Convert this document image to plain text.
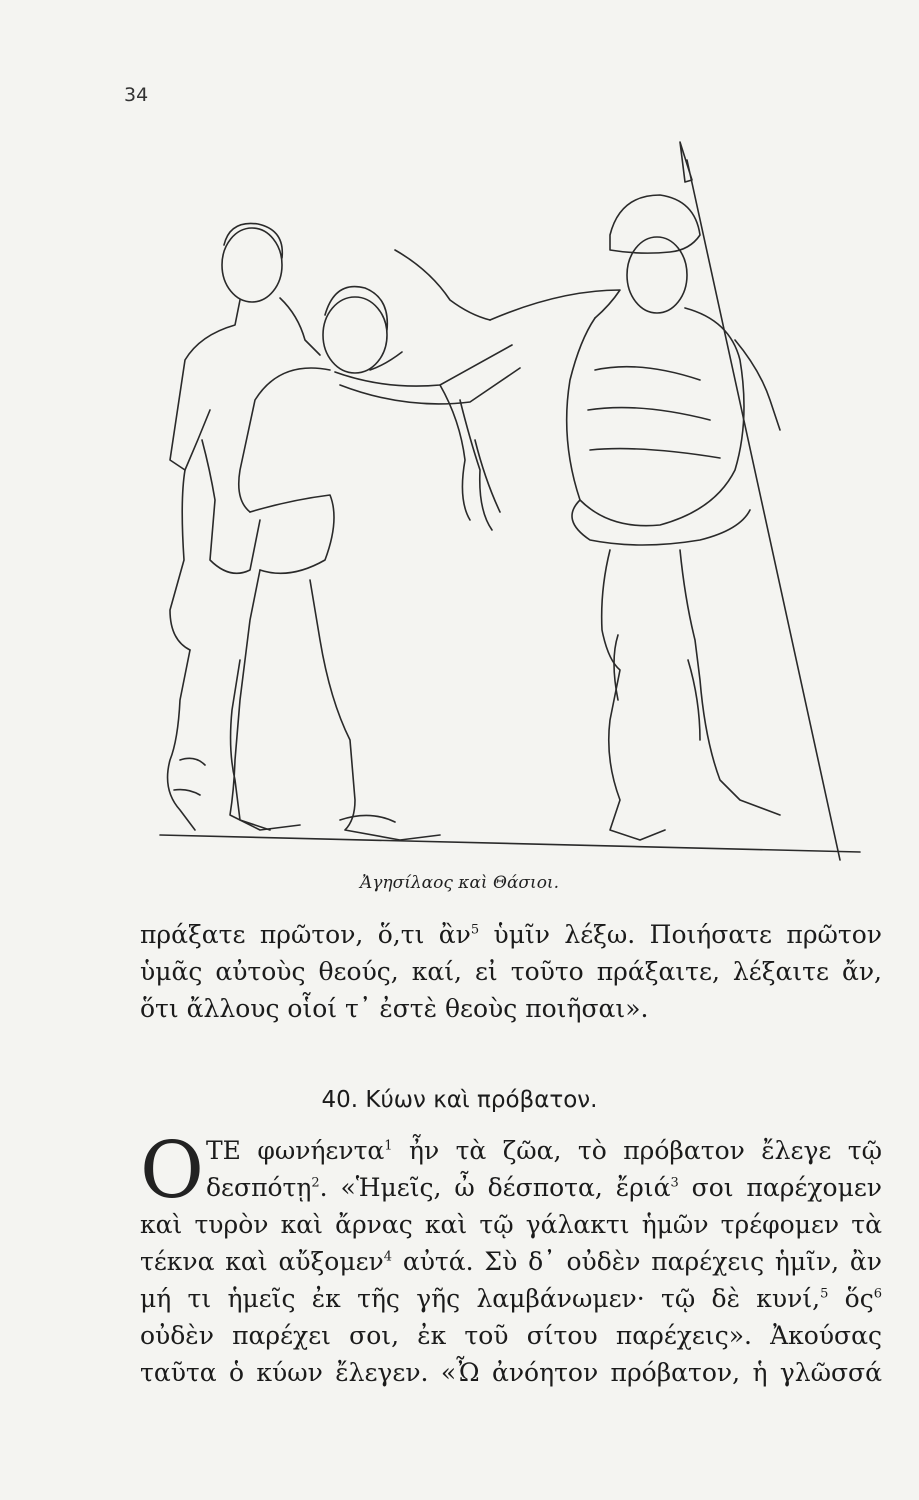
34
Ἀγησίλαος καὶ Θάσιοι.
πράξατε πρῶτον, ὅ,τι ἂν$^5$ ὑμῖν λέξω. Ποιήσατε πρῶτον
ὑμᾶς αὐτοὺς θεούς, καί, εἰ τοῦτο πράξαιτε, λέξαιτε ἄν,
ὅτι ἄλλους οἷοί τ᾽ ἐστὲ θεοὺς ποιῆσαι».
40. Κύων καὶ πρόβατον.
Ο ΤΕ φωνήεντα$^1$ ἦν τὰ ζῶα, τὸ πρόβατον ἔλεγε τῷ
δεσπότῃ$^2$. «Ἡμεῖς, ὦ δέσποτα, ἔριά$^3$ σοι παρέχομεν
καὶ τυρὸν καὶ ἄρνας καὶ τῷ γάλακτι ἡμῶν τρέφομεν τὰ
τέκνα καὶ αὔξομεν$^4$ αὐτά. Σὺ δ᾽ οὐδὲν παρέχεις ἡμῖν, ἂν
μή τι ἡμεῖς ἐκ τῆς γῆς λαμβάνωμεν· τῷ δὲ κυνί,$^5$ ὅς$^6$
οὐδὲν παρέχει σοι, ἐκ τοῦ σίτου παρέχεις». Ἀκούσας
ταῦτα ὁ κύων ἔλεγεν. «Ὦ ἀνόητον πρόβατον, ἡ γλῶσσά
